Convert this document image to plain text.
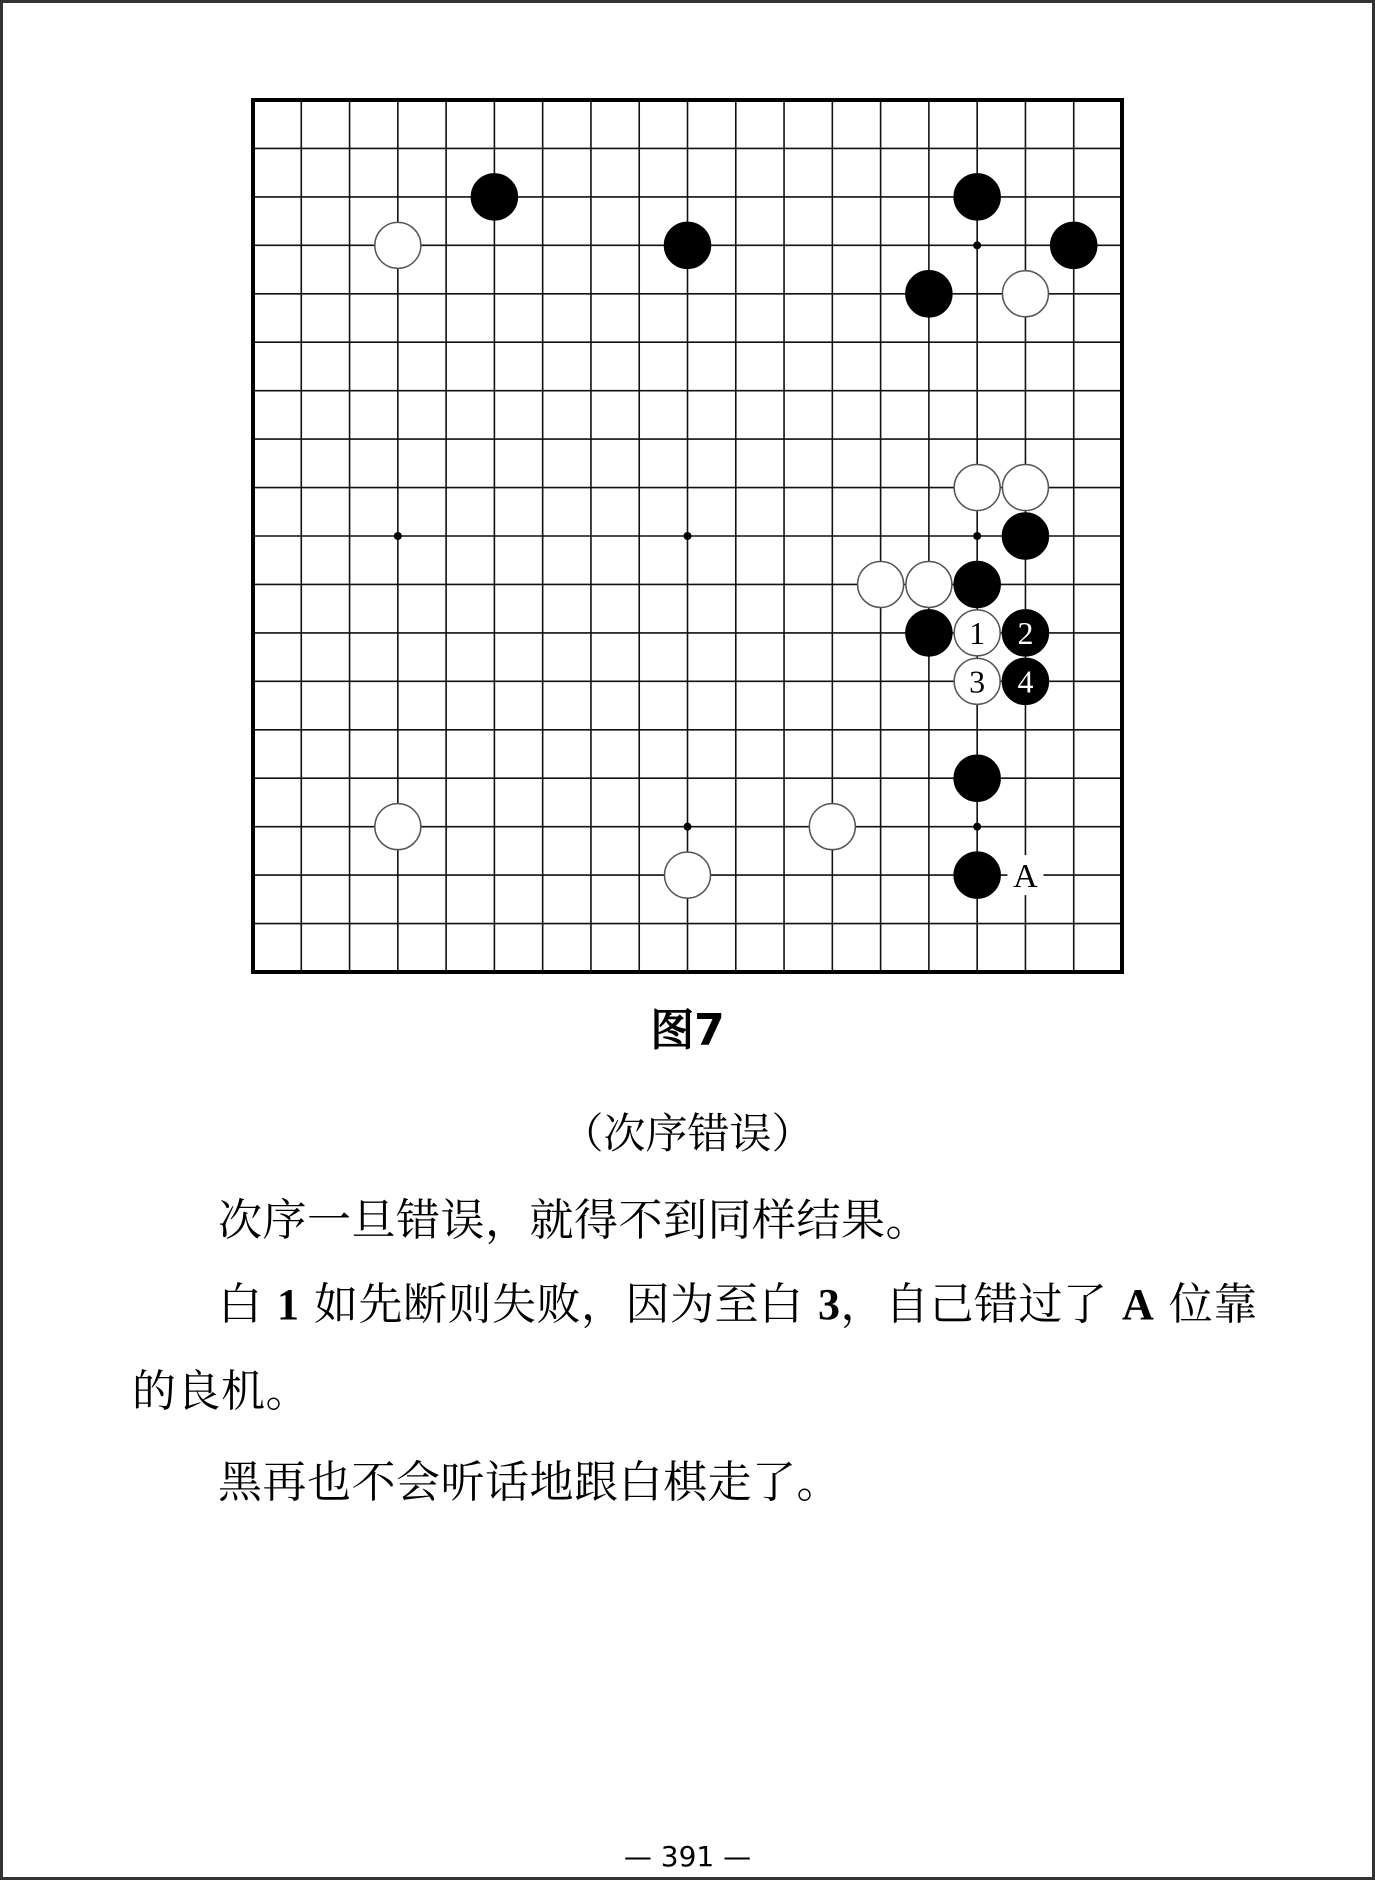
1 2
3 4
A
图7
（次序错误）
次序一旦错误，就得不到同样结果。
白 1 如先断则失败，因为至白 3，自己错过了 A 位靠
的良机。
黑再也不会听话地跟白棋走了。
— 391 —
